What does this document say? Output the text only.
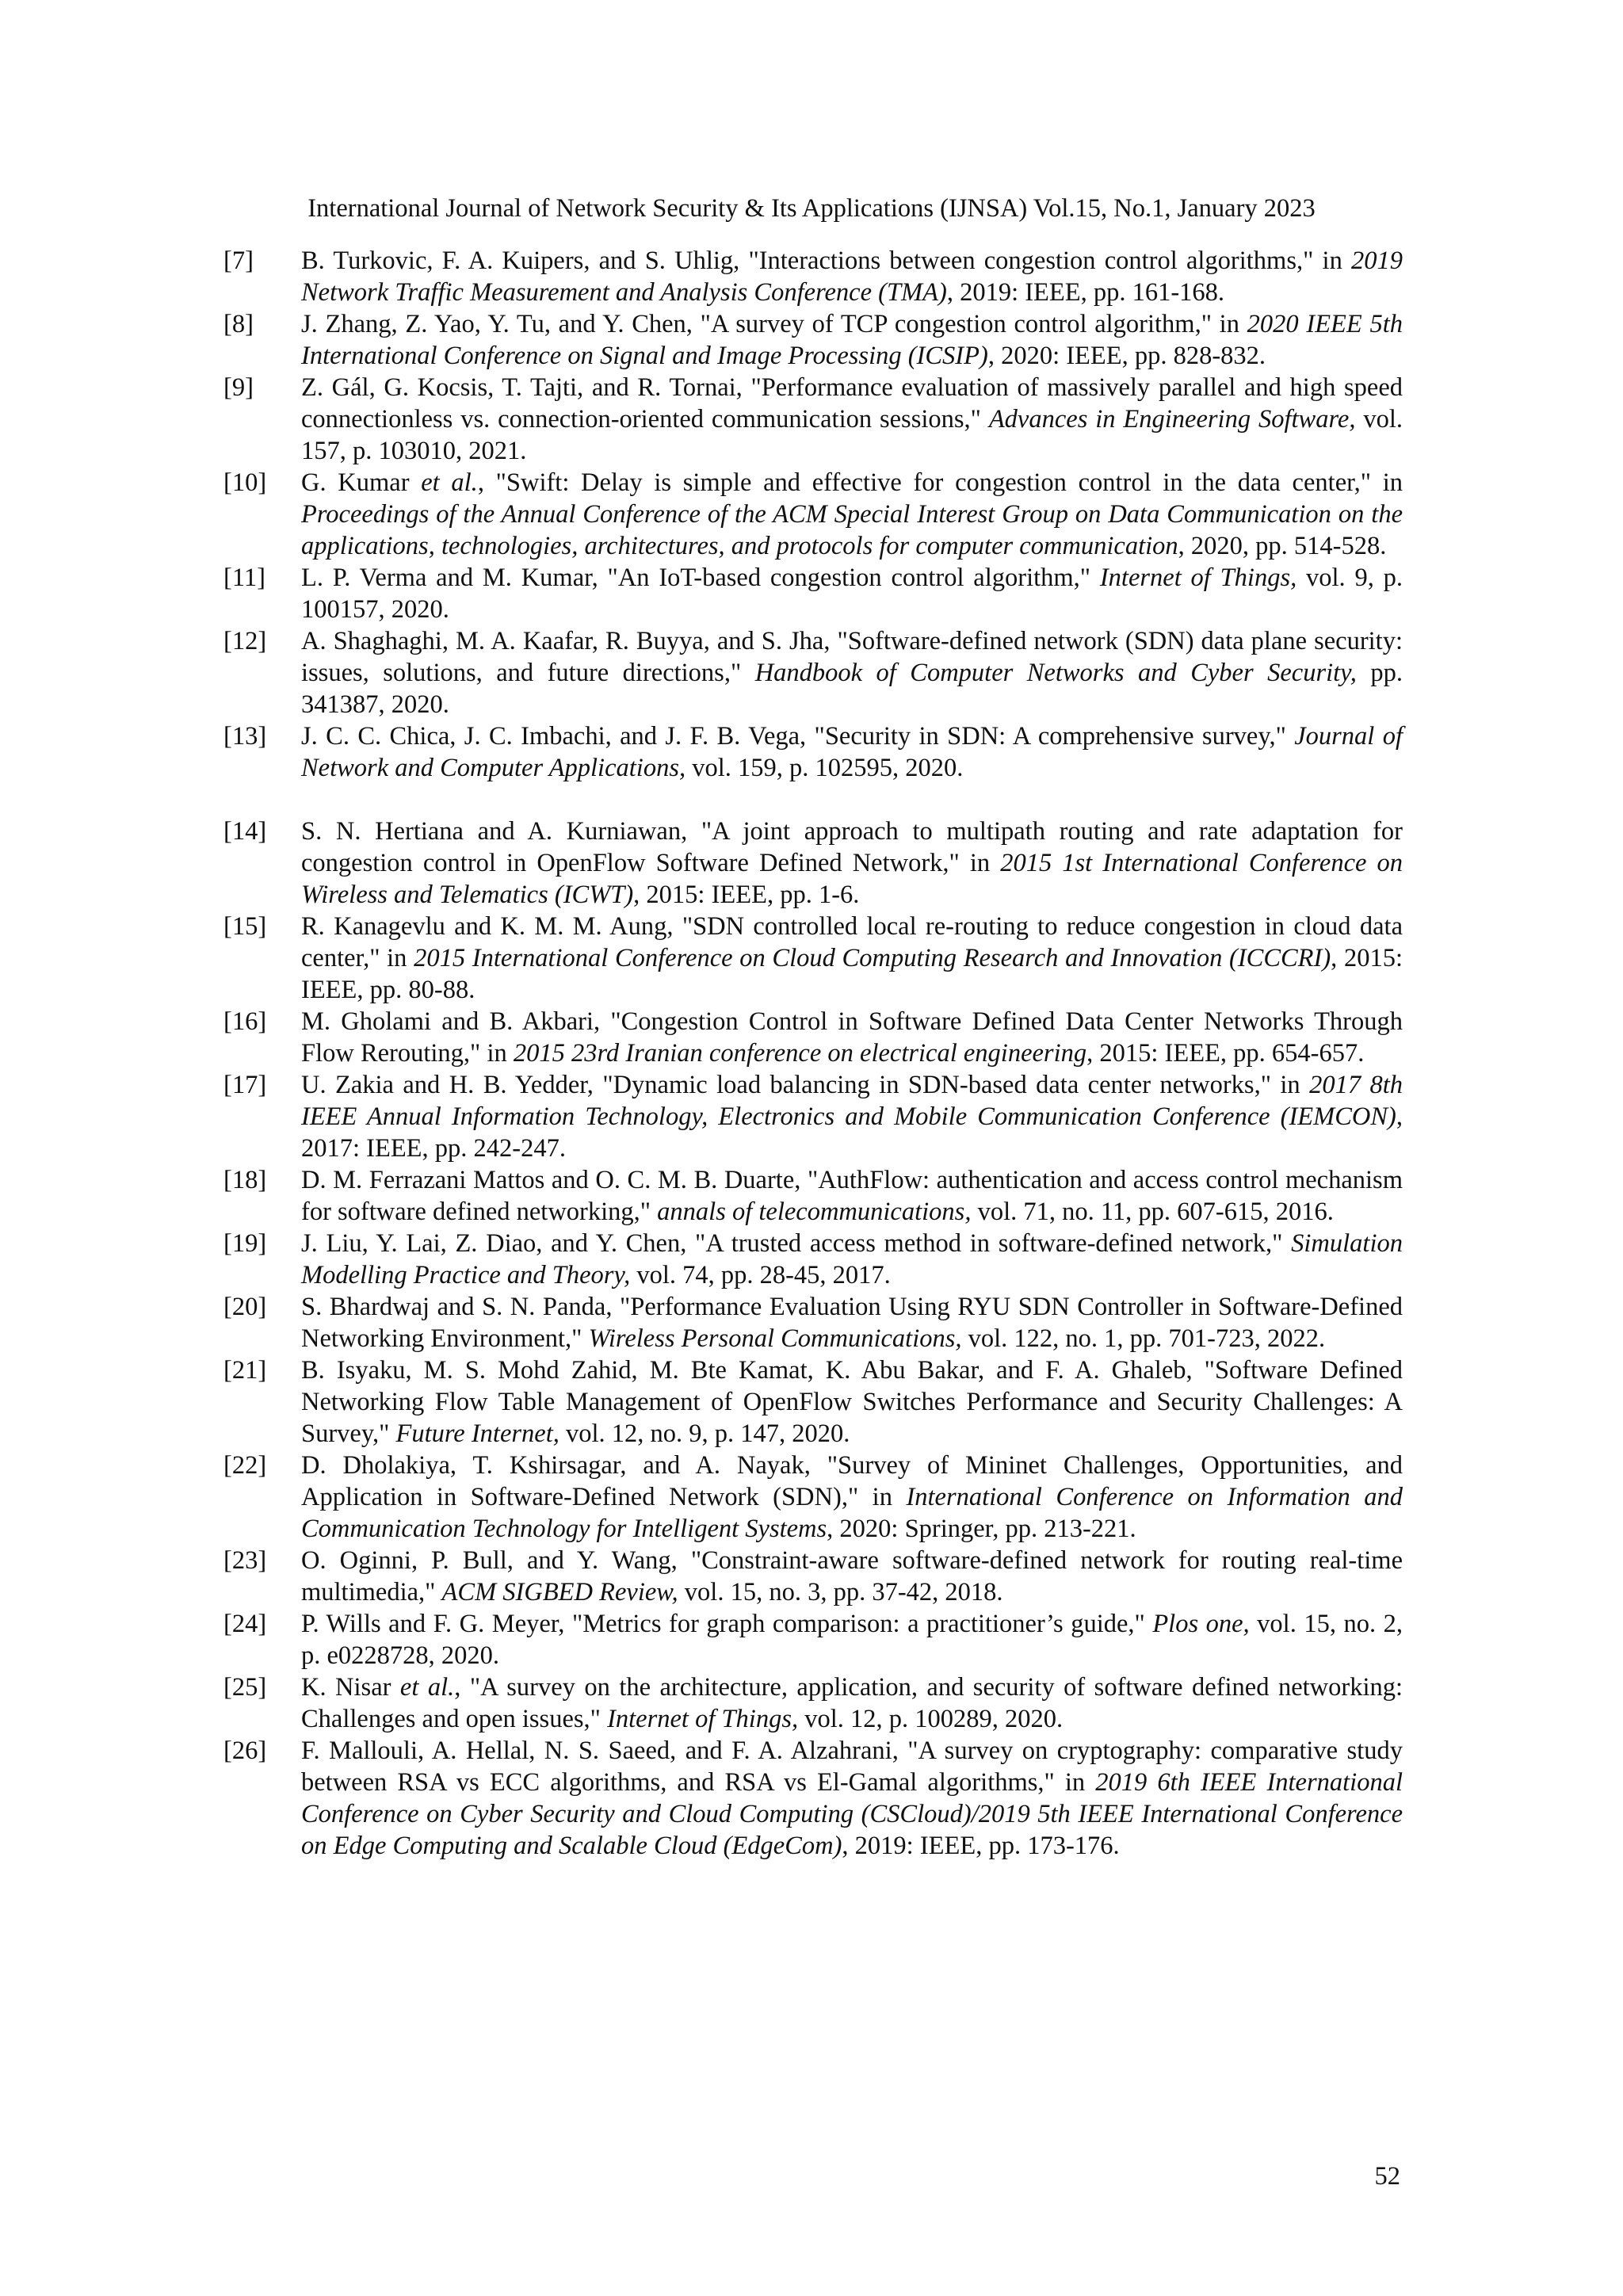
International Journal of Network Security & Its Applications (IJNSA) Vol.15, No.1, January 2023
[7]	B. Turkovic, F. A. Kuipers, and S. Uhlig, "Interactions between congestion control algorithms," in 2019 Network Traffic Measurement and Analysis Conference (TMA), 2019: IEEE, pp. 161-168.
[8]	J. Zhang, Z. Yao, Y. Tu, and Y. Chen, "A survey of TCP congestion control algorithm," in 2020 IEEE 5th International Conference on Signal and Image Processing (ICSIP), 2020: IEEE, pp. 828-832.
[9]	Z. Gál, G. Kocsis, T. Tajti, and R. Tornai, "Performance evaluation of massively parallel and high speed connectionless vs. connection-oriented communication sessions," Advances in Engineering Software, vol. 157, p. 103010, 2021.
[10]	G. Kumar et al., "Swift: Delay is simple and effective for congestion control in the data center," in Proceedings of the Annual Conference of the ACM Special Interest Group on Data Communication on the applications, technologies, architectures, and protocols for computer communication, 2020, pp. 514-528.
[11]	L. P. Verma and M. Kumar, "An IoT-based congestion control algorithm," Internet of Things, vol. 9, p. 100157, 2020.
[12]	A. Shaghaghi, M. A. Kaafar, R. Buyya, and S. Jha, "Software-defined network (SDN) data plane security: issues, solutions, and future directions," Handbook of Computer Networks and Cyber Security, pp. 341387, 2020.
[13]	J. C. C. Chica, J. C. Imbachi, and J. F. B. Vega, "Security in SDN: A comprehensive survey," Journal of Network and Computer Applications, vol. 159, p. 102595, 2020.
[14]	S. N. Hertiana and A. Kurniawan, "A joint approach to multipath routing and rate adaptation for congestion control in OpenFlow Software Defined Network," in 2015 1st International Conference on Wireless and Telematics (ICWT), 2015: IEEE, pp. 1-6.
[15]	R. Kanagevlu and K. M. M. Aung, "SDN controlled local re-routing to reduce congestion in cloud data center," in 2015 International Conference on Cloud Computing Research and Innovation (ICCCRI), 2015: IEEE, pp. 80-88.
[16]	M. Gholami and B. Akbari, "Congestion Control in Software Defined Data Center Networks Through Flow Rerouting," in 2015 23rd Iranian conference on electrical engineering, 2015: IEEE, pp. 654-657.
[17]	U. Zakia and H. B. Yedder, "Dynamic load balancing in SDN-based data center networks," in 2017 8th IEEE Annual Information Technology, Electronics and Mobile Communication Conference (IEMCON), 2017: IEEE, pp. 242-247.
[18]	D. M. Ferrazani Mattos and O. C. M. B. Duarte, "AuthFlow: authentication and access control mechanism for software defined networking," annals of telecommunications, vol. 71, no. 11, pp. 607-615, 2016.
[19]	J. Liu, Y. Lai, Z. Diao, and Y. Chen, "A trusted access method in software-defined network," Simulation Modelling Practice and Theory, vol. 74, pp. 28-45, 2017.
[20]	S. Bhardwaj and S. N. Panda, "Performance Evaluation Using RYU SDN Controller in Software-Defined Networking Environment," Wireless Personal Communications, vol. 122, no. 1, pp. 701-723, 2022.
[21]	B. Isyaku, M. S. Mohd Zahid, M. Bte Kamat, K. Abu Bakar, and F. A. Ghaleb, "Software Defined Networking Flow Table Management of OpenFlow Switches Performance and Security Challenges: A Survey," Future Internet, vol. 12, no. 9, p. 147, 2020.
[22]	D. Dholakiya, T. Kshirsagar, and A. Nayak, "Survey of Mininet Challenges, Opportunities, and Application in Software-Defined Network (SDN)," in International Conference on Information and Communication Technology for Intelligent Systems, 2020: Springer, pp. 213-221.
[23]	O. Oginni, P. Bull, and Y. Wang, "Constraint-aware software-defined network for routing real-time multimedia," ACM SIGBED Review, vol. 15, no. 3, pp. 37-42, 2018.
[24]	P. Wills and F. G. Meyer, "Metrics for graph comparison: a practitioner’s guide," Plos one, vol. 15, no. 2, p. e0228728, 2020.
[25]	K. Nisar et al., "A survey on the architecture, application, and security of software defined networking: Challenges and open issues," Internet of Things, vol. 12, p. 100289, 2020.
[26]	F. Mallouli, A. Hellal, N. S. Saeed, and F. A. Alzahrani, "A survey on cryptography: comparative study between RSA vs ECC algorithms, and RSA vs El-Gamal algorithms," in 2019 6th IEEE International Conference on Cyber Security and Cloud Computing (CSCloud)/2019 5th IEEE International Conference on Edge Computing and Scalable Cloud (EdgeCom), 2019: IEEE, pp. 173-176.
52
